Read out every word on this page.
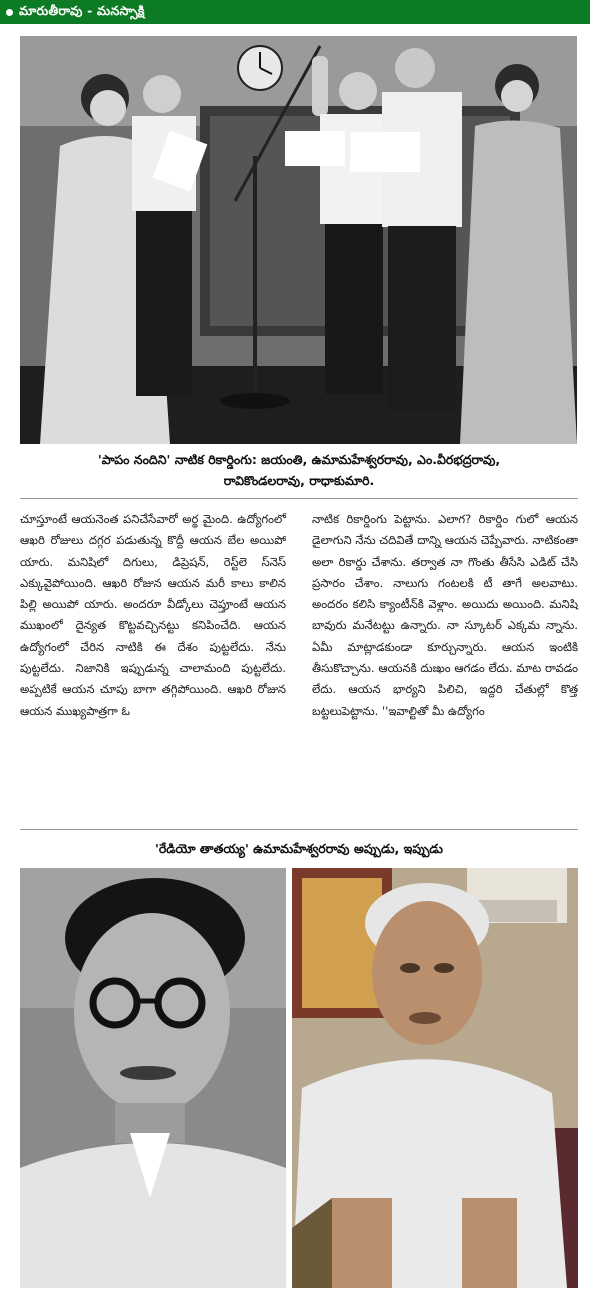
మారుతీరావు - మనస్సాక్షి
'పాపం నందిని' నాటిక రికార్డింగు: జయంతి, ఉమామహేశ్వరరావు, ఎం.వీరభద్రరావు,
రావికొండలరావు, రాధాకుమారి.

చూస్తూంటే ఆయనెంత పనిచేసేవారో అర్థ మైంది. ఉద్యోగంలో ఆఖరి రోజులు దగ్గర పడుతున్న కొద్దీ ఆయన బేల అయిపో యారు. మనిషిలో దిగులు, డిప్రెషన్, రెస్ట్‌లె స్‌నెస్ ఎక్కువైపోయింది. ఆఖరి రోజున ఆయన మరీ కాలు కాలిన పిల్లి అయిపో యారు. అందరూ వీడ్కోలు చెప్తూంటే ఆయన ముఖంలో దైన్యత కొట్టవచ్చినట్టు కనిపించేది. ఆయన ఉద్యోగంలో చేరిన నాటికి ఈ దేశం పుట్టలేదు. నేను పుట్టలేదు. నిజానికి ఇప్పుడున్న చాలామంది పుట్టలేదు. అప్పటికే ఆయన చూపు బాగా తగ్గిపోయింది. ఆఖరి రోజున ఆయన ముఖ్యపాత్రగా ఓ

నాటిక రికార్డింగు పెట్టాను. ఎలాగ? రికార్డిం గులో ఆయన డైలాగుని నేను చదివితే దాన్ని ఆయన చెప్పేవారు. నాటికంతా అలా రికార్డు చేశాను. తర్వాత నా గొంతు తీసేసి ఎడిట్ చేసి ప్రసారం చేశాం. నాలుగు గంటలకి టీ తాగే అలవాటు. అందరం కలిసి క్యాంటీన్‌కి వెళ్లాం. అయిదు అయింది. మనిషి బావురు మనేటట్టు ఉన్నారు. నా స్కూటర్ ఎక్కమ న్నాను. ఏమీ మాట్లాడకుండా కూర్చున్నారు. ఆయన ఇంటికి తీసుకొచ్చాను. ఆయనకి దుఃఖం ఆగడం లేదు. మాట రావడం లేదు. ఆయన భార్యని పిలిచి, ఇద్దరి చేతుల్లో కొత్త బట్టలుపెట్టాను. ''ఇవాల్టితో మీ ఉద్యోగం

'రేడియో తాతయ్య' ఉమామహేశ్వరరావు అప్పుడు, ఇప్పుడు
